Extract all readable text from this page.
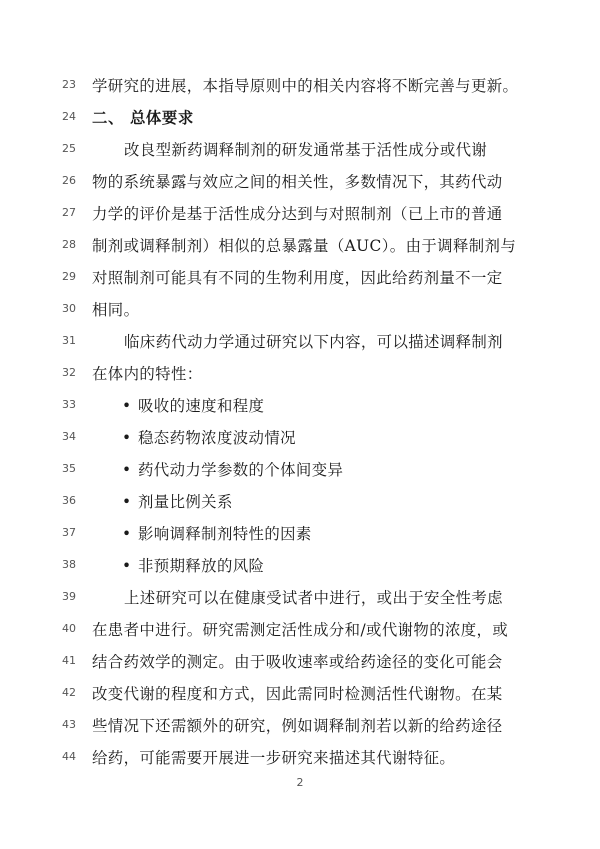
23 学研究的进展，本指导原则中的相关内容将不断完善与更新。
24 二、 总体要求
25	改良型新药调释制剂的研发通常基于活性成分或代谢
26 物的系统暴露与效应之间的相关性，多数情况下，其药代动
27 力学的评价是基于活性成分达到与对照制剂（已上市的普通
28 制剂或调释制剂）相似的总暴露量（AUC）。由于调释制剂与
29 对照制剂可能具有不同的生物利用度，因此给药剂量不一定
30 相同。
31	临床药代动力学通过研究以下内容，可以描述调释制剂
32 在体内的特性：
33	• 吸收的速度和程度
34	• 稳态药物浓度波动情况
35	• 药代动力学参数的个体间变异
36	• 剂量比例关系
37	• 影响调释制剂特性的因素
38	• 非预期释放的风险
39	上述研究可以在健康受试者中进行，或出于安全性考虑
40 在患者中进行。研究需测定活性成分和/或代谢物的浓度，或
41 结合药效学的测定。由于吸收速率或给药途径的变化可能会
42 改变代谢的程度和方式，因此需同时检测活性代谢物。在某
43 些情况下还需额外的研究，例如调释制剂若以新的给药途径
44 给药，可能需要开展进一步研究来描述其代谢特征。
2
